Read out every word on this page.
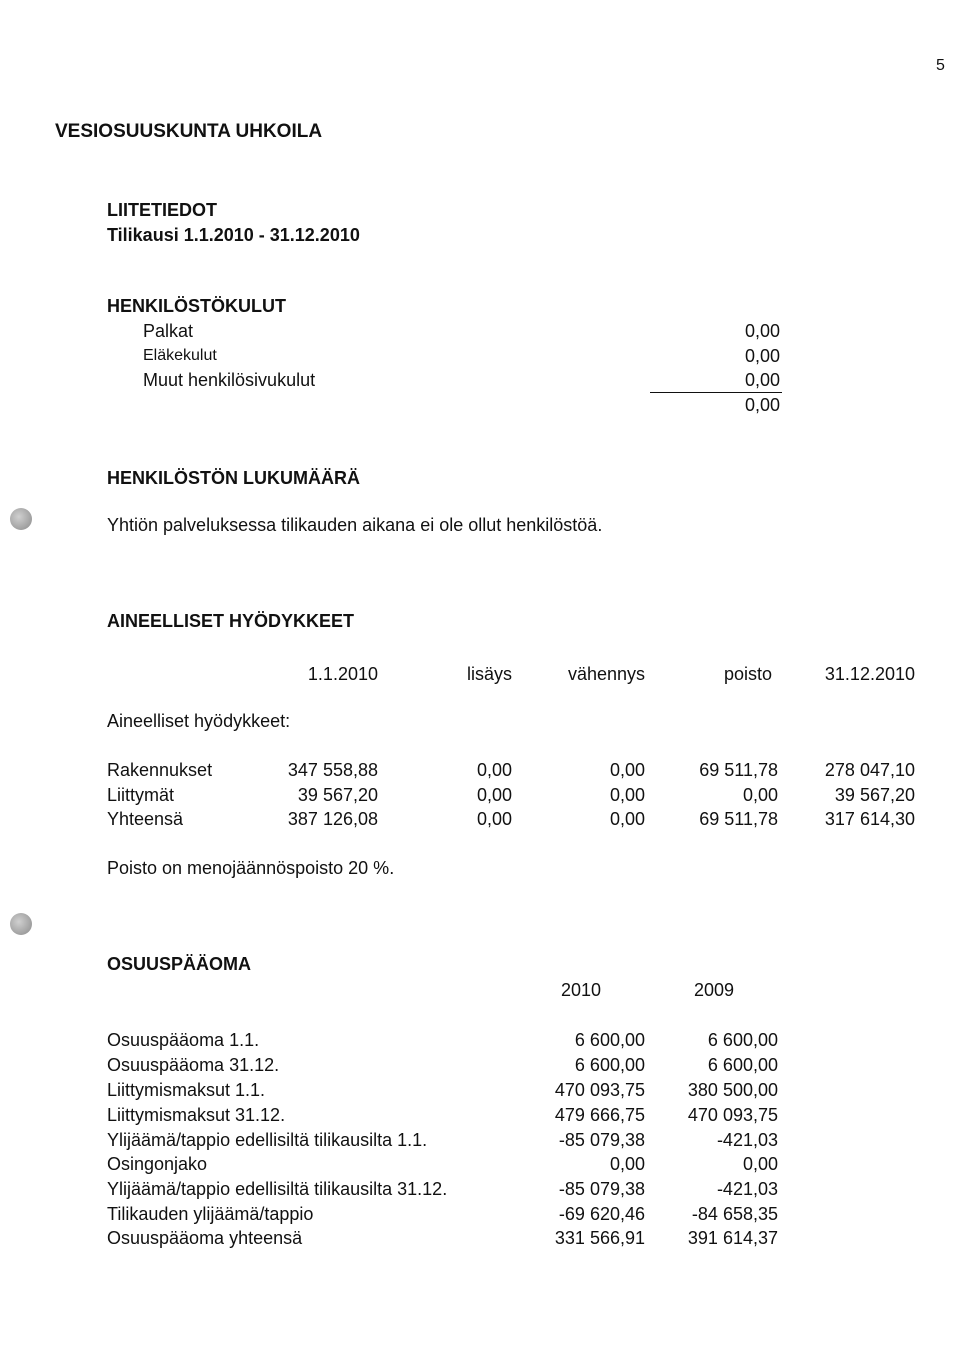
5
VESIOSUUSKUNTA UHKOILA
LIITETIEDOT
Tilikausi 1.1.2010 - 31.12.2010
HENKILÖSTÖKULUT
Palkat	0,00
Eläkekulut	0,00
Muut henkilösivukulut	0,00
0,00
HENKILÖSTÖN LUKUMÄÄRÄ
Yhtiön palveluksessa tilikauden aikana ei ole ollut henkilöstöä.
AINEELLISET HYÖDYKKEET
1.1.2010	lisäys	vähennys	poisto	31.12.2010
Aineelliset hyödykkeet:
Rakennukset	347 558,88	0,00	0,00	69 511,78	278 047,10
Liittymät	39 567,20	0,00	0,00	0,00	39 567,20
Yhteensä	387 126,08	0,00	0,00	69 511,78	317 614,30
Poisto on menojäännöspoisto 20 %.
OSUUSPÄÄOMA
2010	2009
Osuuspääoma 1.1.	6 600,00	6 600,00
Osuuspääoma 31.12.	6 600,00	6 600,00
Liittymismaksut 1.1.	470 093,75	380 500,00
Liittymismaksut 31.12.	479 666,75	470 093,75
Ylijäämä/tappio edellisiltä tilikausilta 1.1.	-85 079,38	-421,03
Osingonjako	0,00	0,00
Ylijäämä/tappio edellisiltä tilikausilta 31.12.	-85 079,38	-421,03
Tilikauden ylijäämä/tappio	-69 620,46	-84 658,35
Osuuspääoma yhteensä	331 566,91	391 614,37
